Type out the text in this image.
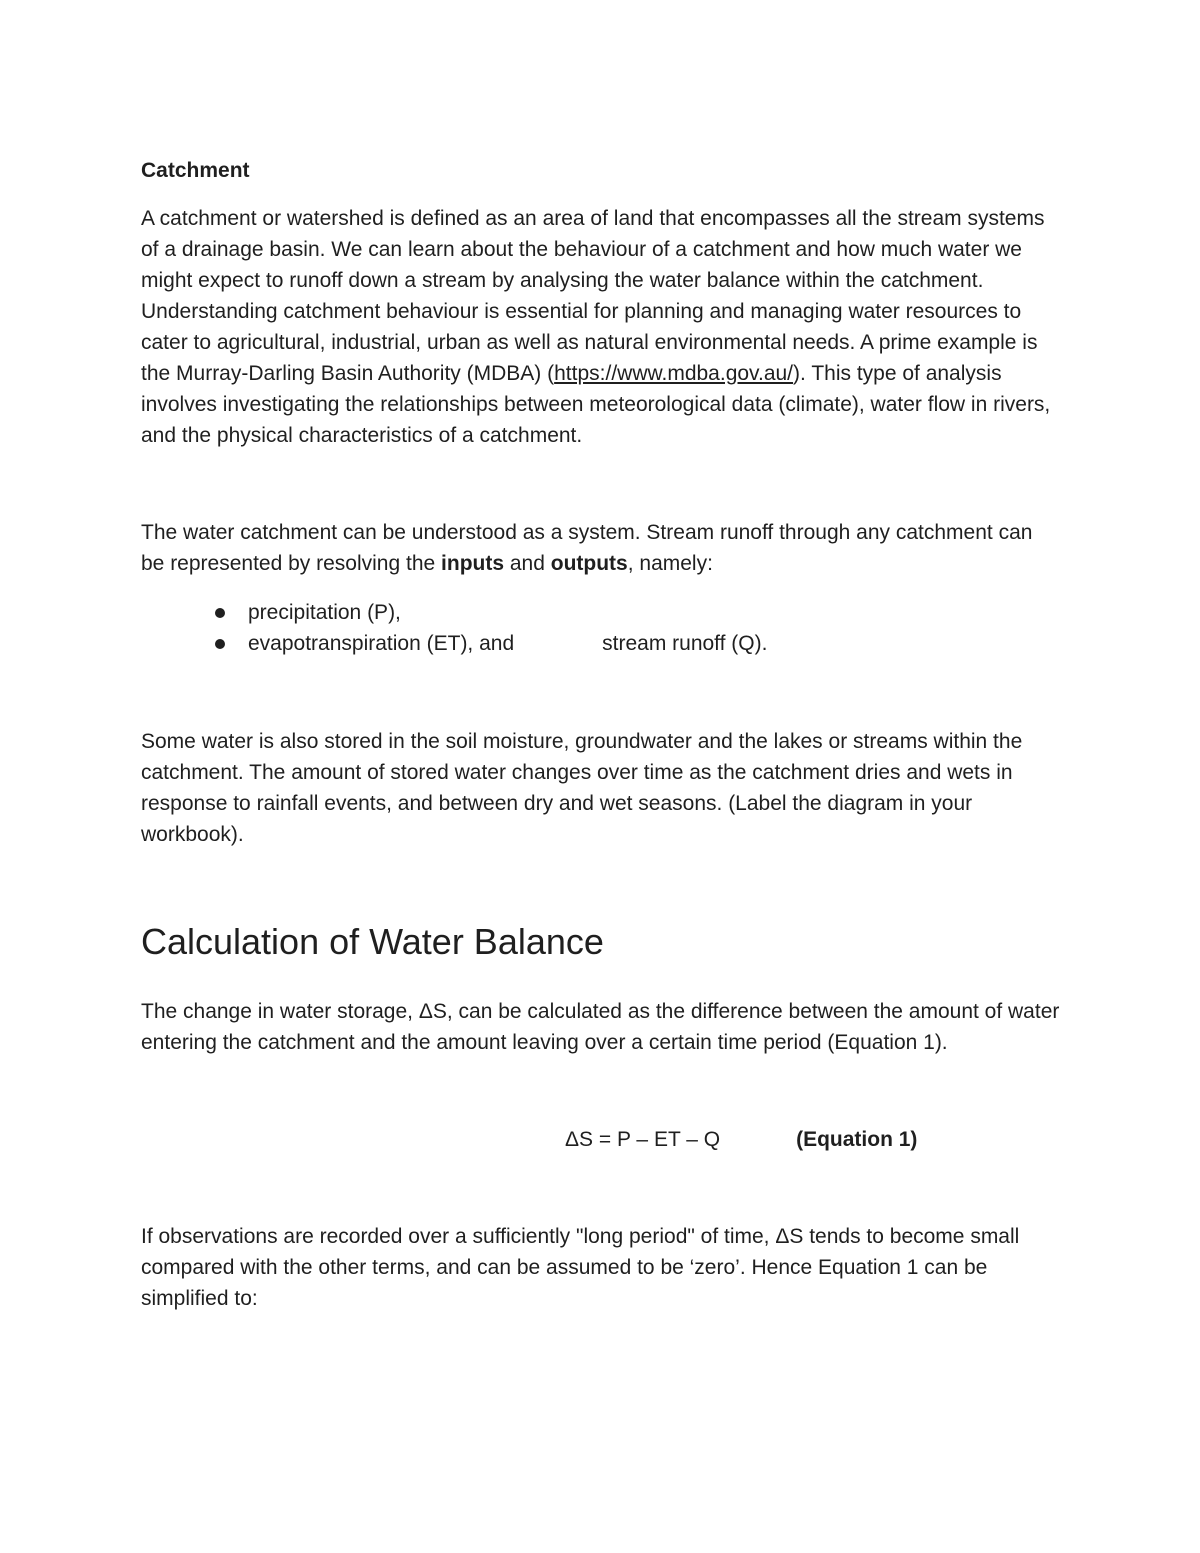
Catchment

A catchment or watershed is defined as an area of land that encompasses all the stream systems of a drainage basin. We can learn about the behaviour of a catchment and how much water we might expect to runoff down a stream by analysing the water balance within the catchment. Understanding catchment behaviour is essential for planning and managing water resources to cater to agricultural, industrial, urban as well as natural environmental needs. A prime example is the Murray-Darling Basin Authority (MDBA) (https://www.mdba.gov.au/). This type of analysis involves investigating the relationships between meteorological data (climate), water flow in rivers, and the physical characteristics of a catchment.

The water catchment can be understood as a system. Stream runoff through any catchment can be represented by resolving the inputs and outputs, namely:

precipitation (P),
evapotranspiration (ET), and	stream runoff (Q).

Some water is also stored in the soil moisture, groundwater and the lakes or streams within the catchment. The amount of stored water changes over time as the catchment dries and wets in response to rainfall events, and between dry and wet seasons. (Label the diagram in your workbook).

Calculation of Water Balance

The change in water storage, ΔS, can be calculated as the difference between the amount of water entering the catchment and the amount leaving over a certain time period (Equation 1).

ΔS = P – ET – Q	(Equation 1)

If observations are recorded over a sufficiently "long period" of time, ΔS tends to become small compared with the other terms, and can be assumed to be ‘zero’. Hence Equation 1 can be simplified to:
